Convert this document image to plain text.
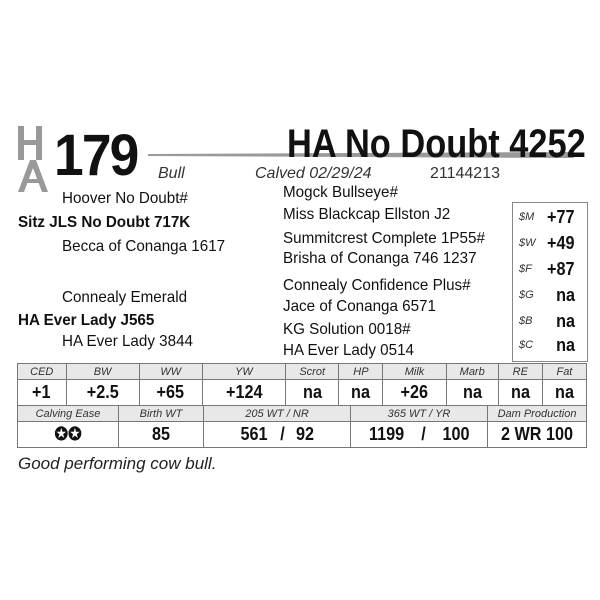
179	HA No Doubt 4252
Bull	Calved 02/29/24	21144213
Hoover No Doubt#
Sitz JLS No Doubt 717K
Becca of Conanga 1617
Mogck Bullseye#
Miss Blackcap Ellston J2
Summitcrest Complete 1P55#
Brisha of Conanga 746 1237
Connealy Emerald
HA Ever Lady J565
HA Ever Lady 3844
Connealy Confidence Plus#
Jace of Conanga 6571
KG Solution 0018#
HA Ever Lady 0514
$M +77
$W +49
$F +87
$G na
$B na
$C na
CED	BW	WW	YW	Scrot	HP	Milk	Marb	RE	Fat
+1	+2.5	+65	+124	na	na	+26	na	na	na
Calving Ease	Birth WT	205 WT / NR	365 WT / YR	Dam Production
✪✪	85	561 / 92	1199 / 100	2 WR 100
Good performing cow bull.
